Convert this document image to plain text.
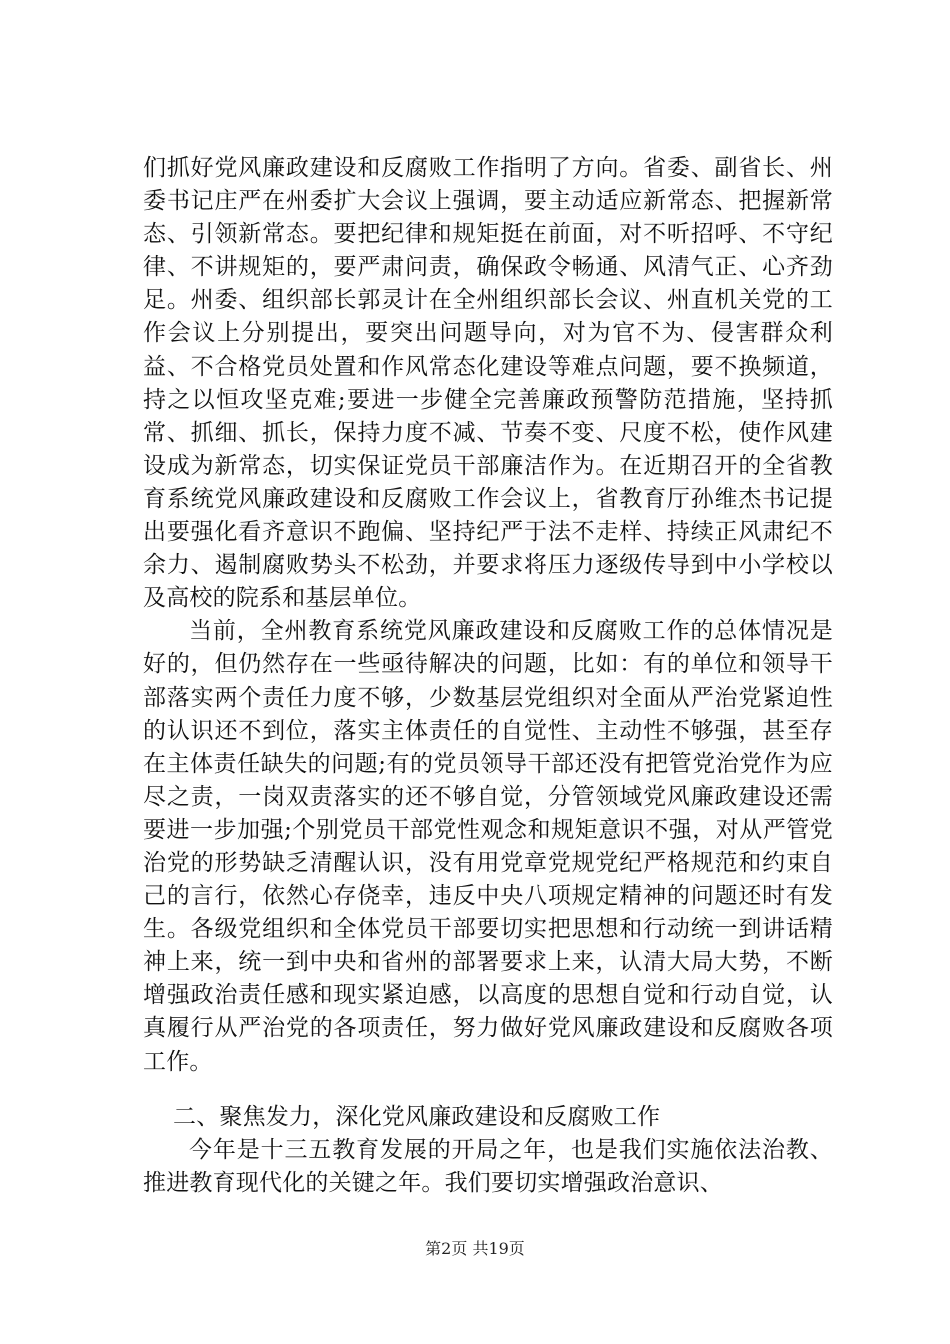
们抓好党风廉政建设和反腐败工作指明了方向。省委、副省长、州委书记庄严在州委扩大会议上强调，要主动适应新常态、把握新常态、引领新常态。要把纪律和规矩挺在前面，对不听招呼、不守纪律、不讲规矩的，要严肃问责，确保政令畅通、风清气正、心齐劲足。州委、组织部长郭灵计在全州组织部长会议、州直机关党的工作会议上分别提出，要突出问题导向，对为官不为、侵害群众利益、不合格党员处置和作风常态化建设等难点问题，要不换频道，持之以恒攻坚克难;要进一步健全完善廉政预警防范措施，坚持抓常、抓细、抓长，保持力度不减、节奏不变、尺度不松，使作风建设成为新常态，切实保证党员干部廉洁作为。在近期召开的全省教育系统党风廉政建设和反腐败工作会议上，省教育厅孙维杰书记提出要强化看齐意识不跑偏、坚持纪严于法不走样、持续正风肃纪不余力、遏制腐败势头不松劲，并要求将压力逐级传导到中小学校以及高校的院系和基层单位。

当前，全州教育系统党风廉政建设和反腐败工作的总体情况是好的，但仍然存在一些亟待解决的问题，比如：有的单位和领导干部落实两个责任力度不够，少数基层党组织对全面从严治党紧迫性的认识还不到位，落实主体责任的自觉性、主动性不够强，甚至存在主体责任缺失的问题;有的党员领导干部还没有把管党治党作为应尽之责，一岗双责落实的还不够自觉，分管领域党风廉政建设还需要进一步加强;个别党员干部党性观念和规矩意识不强，对从严管党治党的形势缺乏清醒认识，没有用党章党规党纪严格规范和约束自己的言行，依然心存侥幸，违反中央八项规定精神的问题还时有发生。各级党组织和全体党员干部要切实把思想和行动统一到讲话精神上来，统一到中央和省州的部署要求上来，认清大局大势，不断增强政治责任感和现实紧迫感，以高度的思想自觉和行动自觉，认真履行从严治党的各项责任，努力做好党风廉政建设和反腐败各项工作。

二、聚焦发力，深化党风廉政建设和反腐败工作

今年是十三五教育发展的开局之年，也是我们实施依法治教、推进教育现代化的关键之年。我们要切实增强政治意识、

第2页 共19页
